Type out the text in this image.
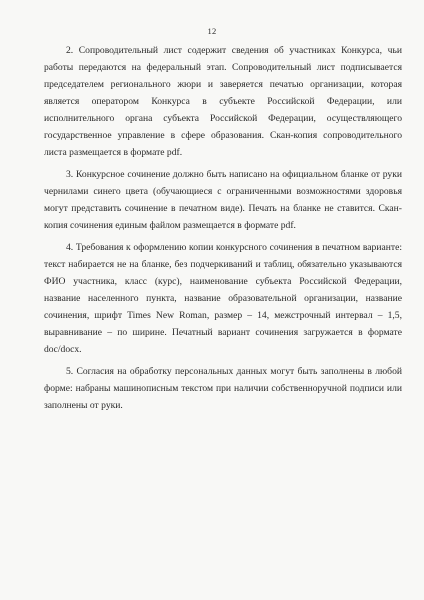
12

2. Сопроводительный лист содержит сведения об участниках Конкурса, чьи работы передаются на федеральный этап. Сопроводительный лист подписывается председателем регионального жюри и заверяется печатью организации, которая является оператором Конкурса в субъекте Российской Федерации, или исполнительного органа субъекта Российской Федерации, осуществляющего государственное управление в сфере образования. Скан-копия сопроводительного листа размещается в формате pdf.

3. Конкурсное сочинение должно быть написано на официальном бланке от руки чернилами синего цвета (обучающиеся с ограниченными возможностями здоровья могут представить сочинение в печатном виде). Печать на бланке не ставится. Скан-копия сочинения единым файлом размещается в формате pdf.

4. Требования к оформлению копии конкурсного сочинения в печатном варианте: текст набирается не на бланке, без подчеркиваний и таблиц, обязательно указываются ФИО участника, класс (курс), наименование субъекта Российской Федерации, название населенного пункта, название образовательной организации, название сочинения, шрифт Times New Roman, размер – 14, межстрочный интервал – 1,5, выравнивание – по ширине. Печатный вариант сочинения загружается в формате doc/docx.

5. Согласия на обработку персональных данных могут быть заполнены в любой форме: набраны машинописным текстом при наличии собственноручной подписи или заполнены от руки.
